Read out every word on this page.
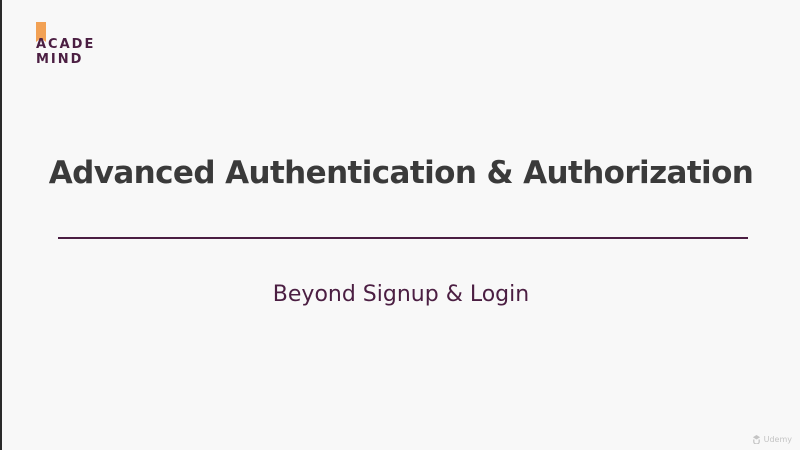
ACADE

MIND

Advanced Authentication & Authorization
Beyond Signup & Login
Udemy
